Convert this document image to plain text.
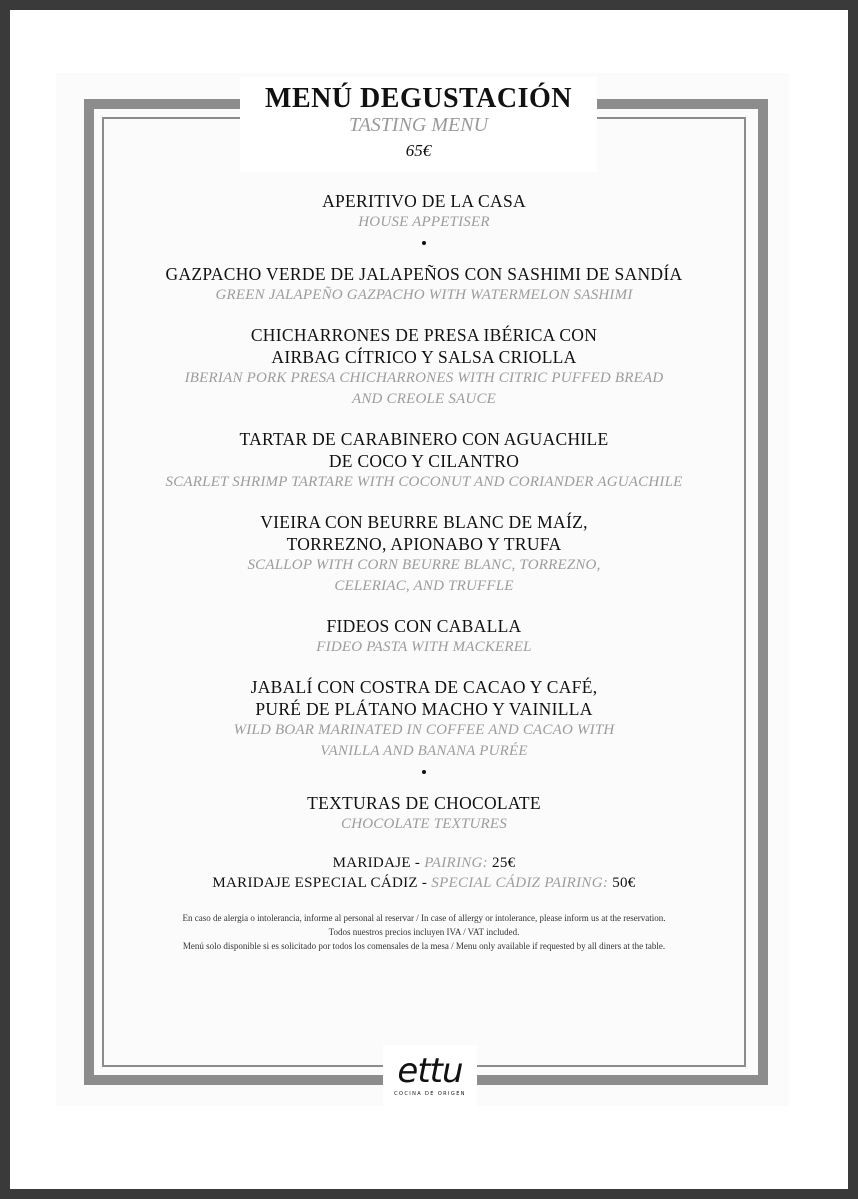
MENÚ DEGUSTACIÓN
TASTING MENU
65€
APERITIVO DE LA CASA
HOUSE APPETISER
GAZPACHO VERDE DE JALAPEÑOS CON SASHIMI DE SANDÍA
GREEN JALAPEÑO GAZPACHO WITH WATERMELON SASHIMI
CHICHARRONES DE PRESA IBÉRICA CON
AIRBAG CÍTRICO Y SALSA CRIOLLA
IBERIAN PORK PRESA CHICHARRONES WITH CITRIC PUFFED BREAD
AND CREOLE SAUCE
TARTAR DE CARABINERO CON AGUACHILE
DE COCO Y CILANTRO
SCARLET SHRIMP TARTARE WITH COCONUT AND CORIANDER AGUACHILE
VIEIRA CON BEURRE BLANC DE MAÍZ,
TORREZNO, APIONABO Y TRUFA
SCALLOP WITH CORN BEURRE BLANC, TORREZNO,
CELERIAC, AND TRUFFLE
FIDEOS CON CABALLA
FIDEO PASTA WITH MACKEREL
JABALÍ CON COSTRA DE CACAO Y CAFÉ,
PURÉ DE PLÁTANO MACHO Y VAINILLA
WILD BOAR MARINATED IN COFFEE AND CACAO WITH
VANILLA AND BANANA PURÉE
TEXTURAS DE CHOCOLATE
CHOCOLATE TEXTURES
MARIDAJE - PAIRING: 25€
MARIDAJE ESPECIAL CÁDIZ - SPECIAL CÁDIZ PAIRING: 50€
En caso de alergia o intolerancia, informe al personal al reservar / In case of allergy or intolerance, please inform us at the reservation.
Todos nuestros precios incluyen IVA / VAT included.
Menú solo disponible si es solicitado por todos los comensales de la mesa / Menu only available if requested by all diners at the table.
ettu
COCINA DE ORIGEN
